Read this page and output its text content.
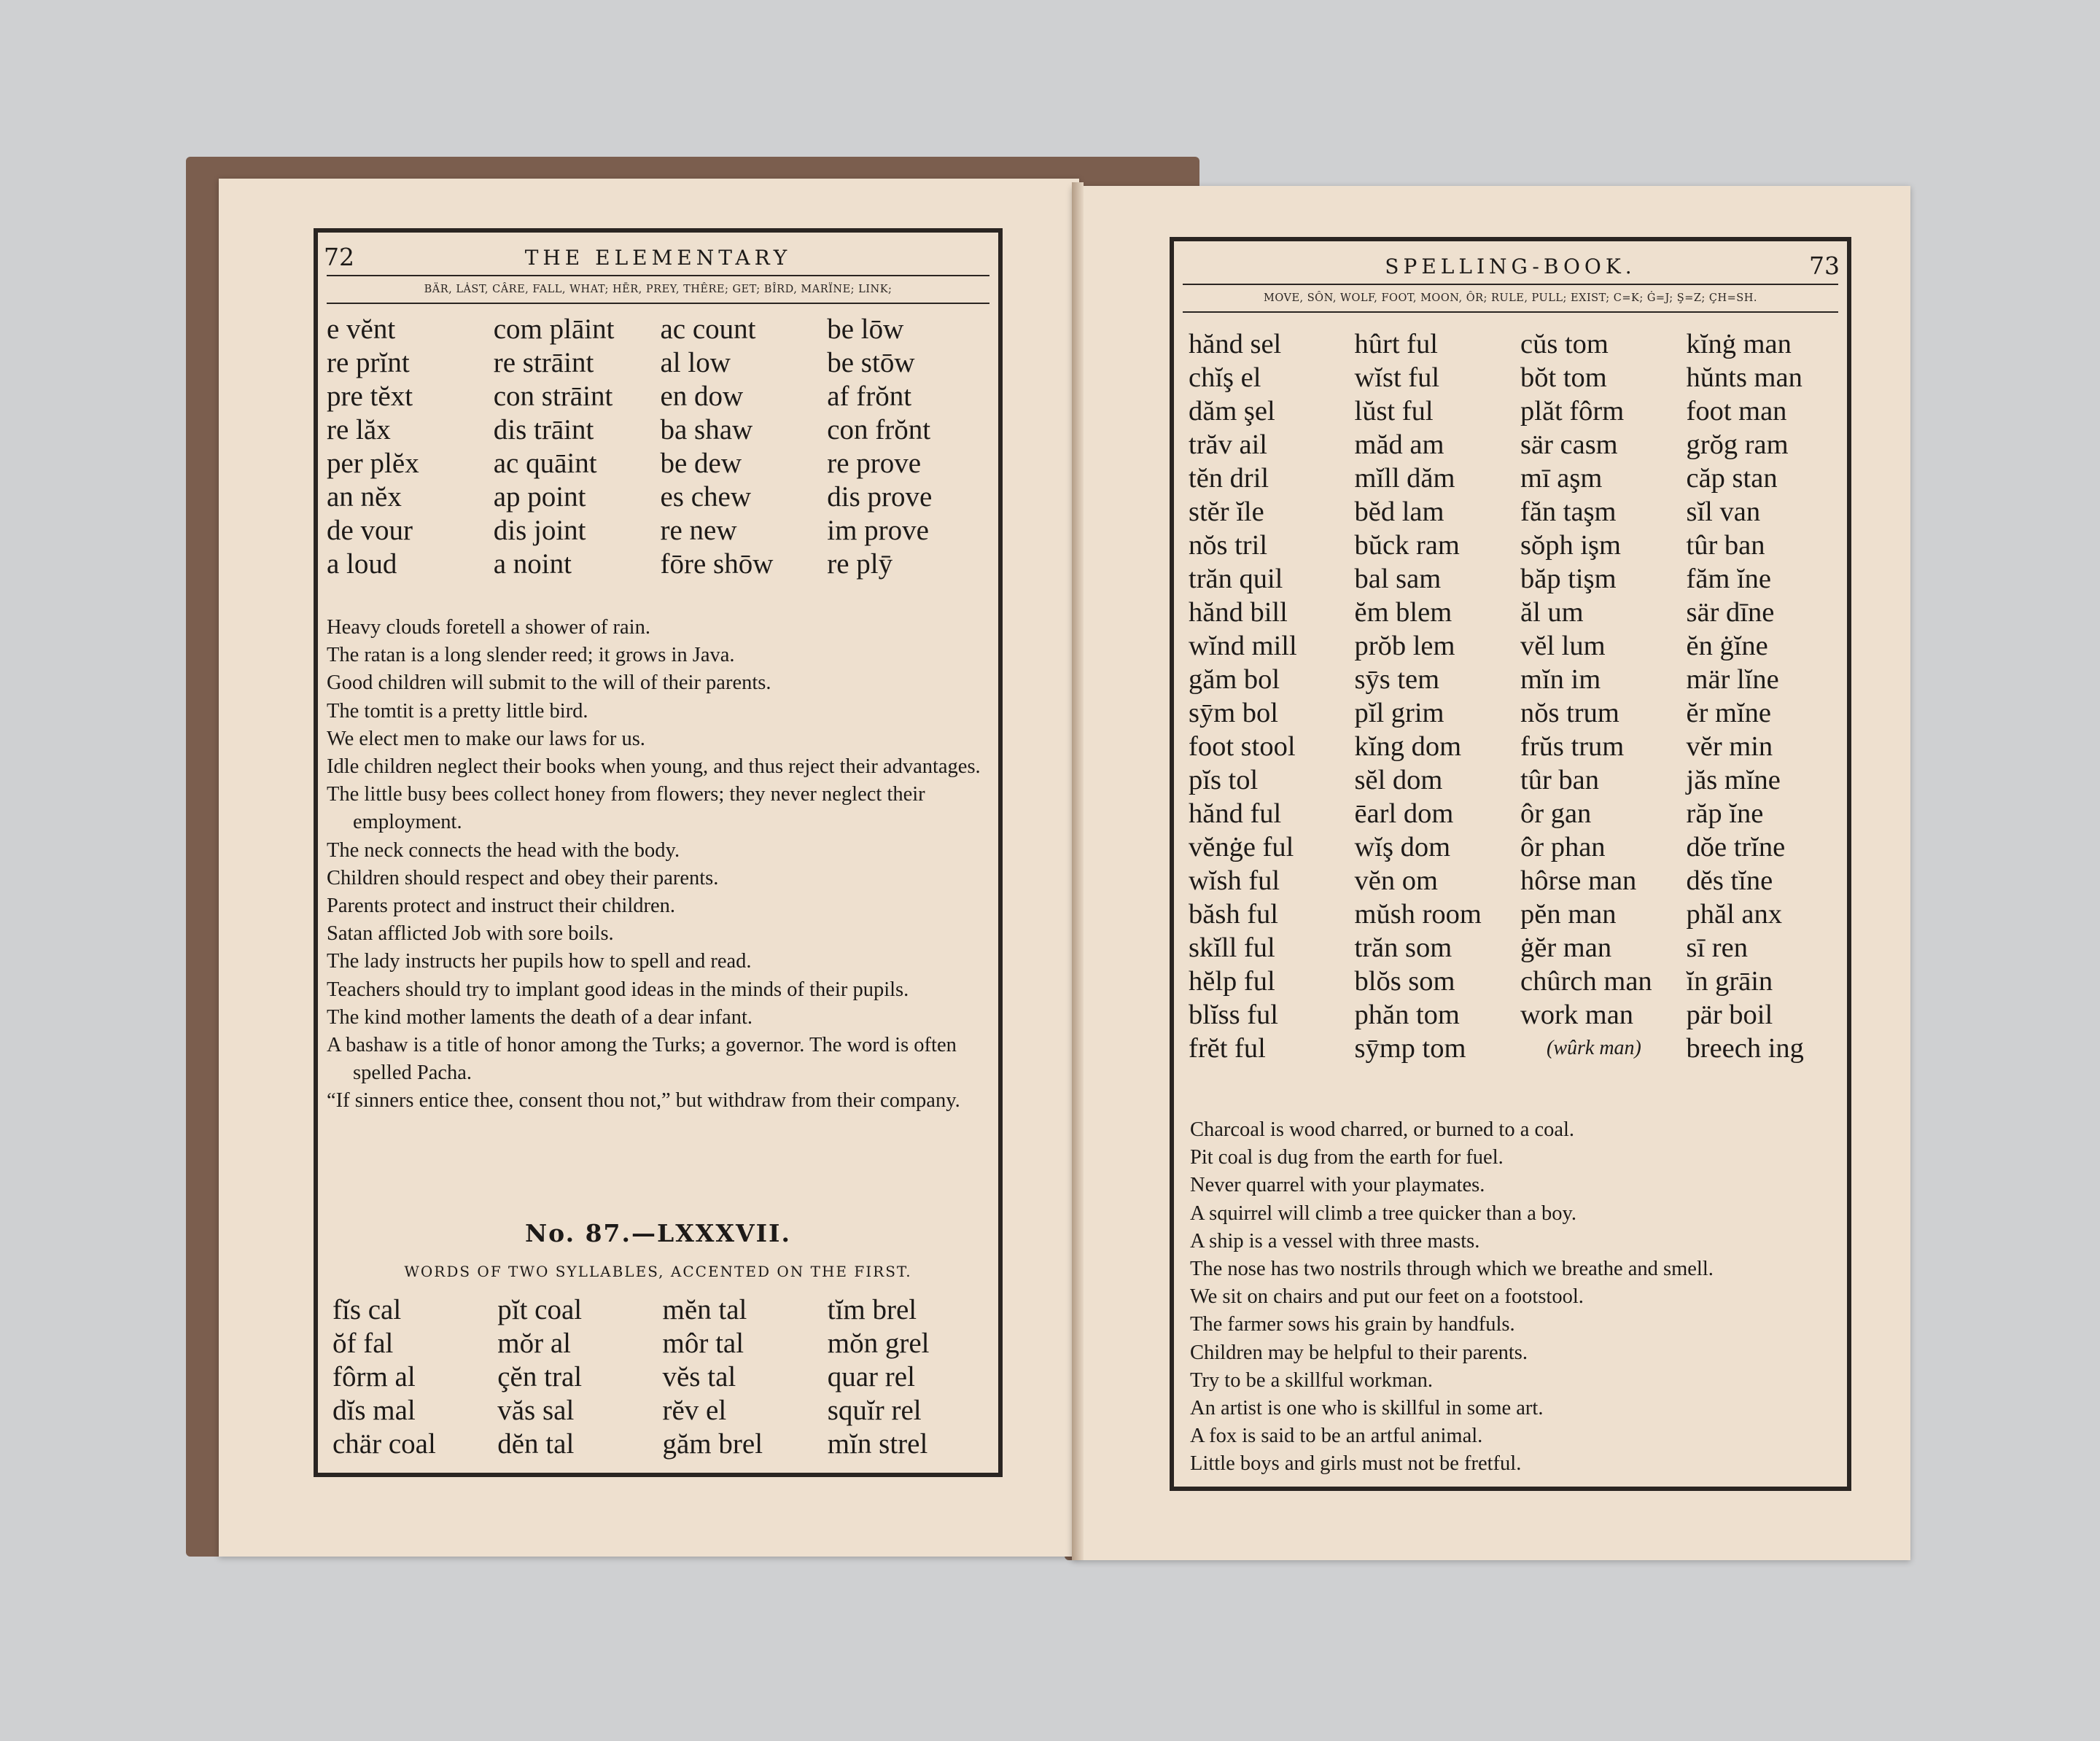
72	THE ELEMENTARY
BÄR, LȦST, CÂRE, FALL, WHAT; HĒR, PREY, THÊRE; GET; BÎRD, MARÏNE; LINK;
e vĕnt
re prĭnt
pre tĕxt
re lăx
per plĕx
an nĕx
de vour
a loud
com plāint
re strāint
con strāint
dis trāint
ac quāint
ap point
dis joint
a noint
ac count
al low
en dow
ba shaw
be dew
es chew
re new
fōre shōw
be lōw
be stōw
af frŏnt
con frŏnt
re prove
dis prove
im prove
re plȳ
Heavy clouds foretell a shower of rain.
The ratan is a long slender reed; it grows in Java.
Good children will submit to the will of their parents.
The tomtit is a pretty little bird.
We elect men to make our laws for us.
Idle children neglect their books when young, and thus reject their advantages.
The little busy bees collect honey from flowers; they never neglect their employment.
The neck connects the head with the body.
Children should respect and obey their parents.
Parents protect and instruct their children.
Satan afflicted Job with sore boils.
The lady instructs her pupils how to spell and read.
Teachers should try to implant good ideas in the minds of their pupils.
The kind mother laments the death of a dear infant.
A bashaw is a title of honor among the Turks; a governor. The word is often spelled Pacha.
“If sinners entice thee, consent thou not,” but withdraw from their company.
No. 87.—LXXXVII.
WORDS OF TWO SYLLABLES, ACCENTED ON THE FIRST.
fĭs cal
ŏf fal
fôrm al
dĭs mal
chär coal
pĭt coal
mŏr al
çĕn tral
văs sal
dĕn tal
mĕn tal
môr tal
vĕs tal
rĕv el
găm brel
tĭm brel
mŏn grel
quar rel
squĭr rel
mĭn strel
SPELLING-BOOK.	73
MOVE, SÔN, WOLF, FOOT, MOON, ÔR; RULE, PULL; EXIST; C=K; Ġ=J; Ş=Z; ÇH=SH.
hănd sel
chĭş el
dăm şel
trăv ail
tĕn dril
stĕr ĭle
nŏs tril
trăn quil
hănd bill
wĭnd mill
găm bol
sȳm bol
foot stool
pĭs tol
hănd ful
vĕnġe ful
wĭsh ful
băsh ful
skĭll ful
hĕlp ful
blĭss ful
frĕt ful
hûrt ful
wĭst ful
lŭst ful
măd am
mĭll dăm
bĕd lam
bŭck ram
bal sam
ĕm blem
prŏb lem
sȳs tem
pĭl grim
kĭng dom
sĕl dom
ēarl dom
wĭş dom
vĕn om
mŭsh room
trăn som
blŏs som
phăn tom
sȳmp tom
cŭs tom
bŏt tom
plăt fôrm
sär casm
mī aşm
făn taşm
sŏph işm
băp tişm
ăl um
vĕl lum
mĭn im
nŏs trum
frŭs trum
tûr ban
ôr gan
ôr phan
hôrse man
pĕn man
ġĕr man
chûrch man
work man
(wûrk man)
kĭnġ man
hŭnts man
foot man
grŏg ram
căp stan
sĭl van
tûr ban
făm ĭne
sär dīne
ĕn ġĭne
mär lĭne
ĕr mĭne
vĕr min
jăs mĭne
răp ĭne
dŏe trĭne
dĕs tĭne
phăl anx
sī ren
ĭn grāin
pär boil
breech ing
Charcoal is wood charred, or burned to a coal.
Pit coal is dug from the earth for fuel.
Never quarrel with your playmates.
A squirrel will climb a tree quicker than a boy.
A ship is a vessel with three masts.
The nose has two nostrils through which we breathe and smell.
We sit on chairs and put our feet on a footstool.
The farmer sows his grain by handfuls.
Children may be helpful to their parents.
Try to be a skillful workman.
An artist is one who is skillful in some art.
A fox is said to be an artful animal.
Little boys and girls must not be fretful.
